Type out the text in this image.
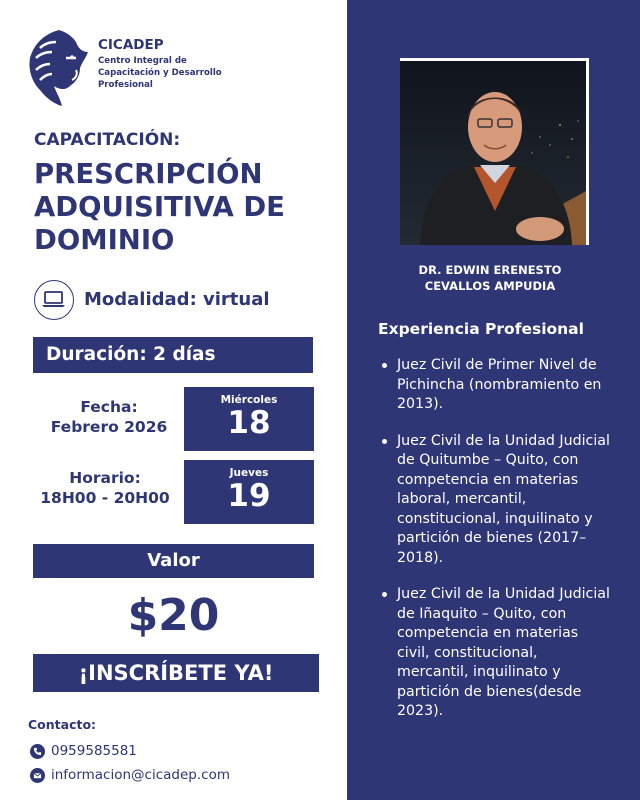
CICADEP
Centro Integral de Capacitación y Desarrollo Profesional
CAPACITACIÓN:
PRESCRIPCIÓN ADQUISITIVA DE DOMINIO
Modalidad: virtual
Duración: 2 días
Fecha:
Febrero 2026
Miércoles
18
Horario:
18H00 - 20H00
Jueves
19
Valor
$20
¡INSCRÍBETE YA!
Contacto:
0959585581
informacion@cicadep.com
DR. EDWIN ERENESTO
CEVALLOS AMPUDIA
Experiencia Profesional
Juez Civil de Primer Nivel de Pichincha (nombramiento en 2013).
Juez Civil de la Unidad Judicial de Quitumbe – Quito, con competencia en materias laboral, mercantil, constitucional, inquilinato y partición de bienes (2017–2018).
Juez Civil de la Unidad Judicial de Iñaquito – Quito, con competencia en materias civil, constitucional, mercantil, inquilinato y partición de bienes(desde 2023).
